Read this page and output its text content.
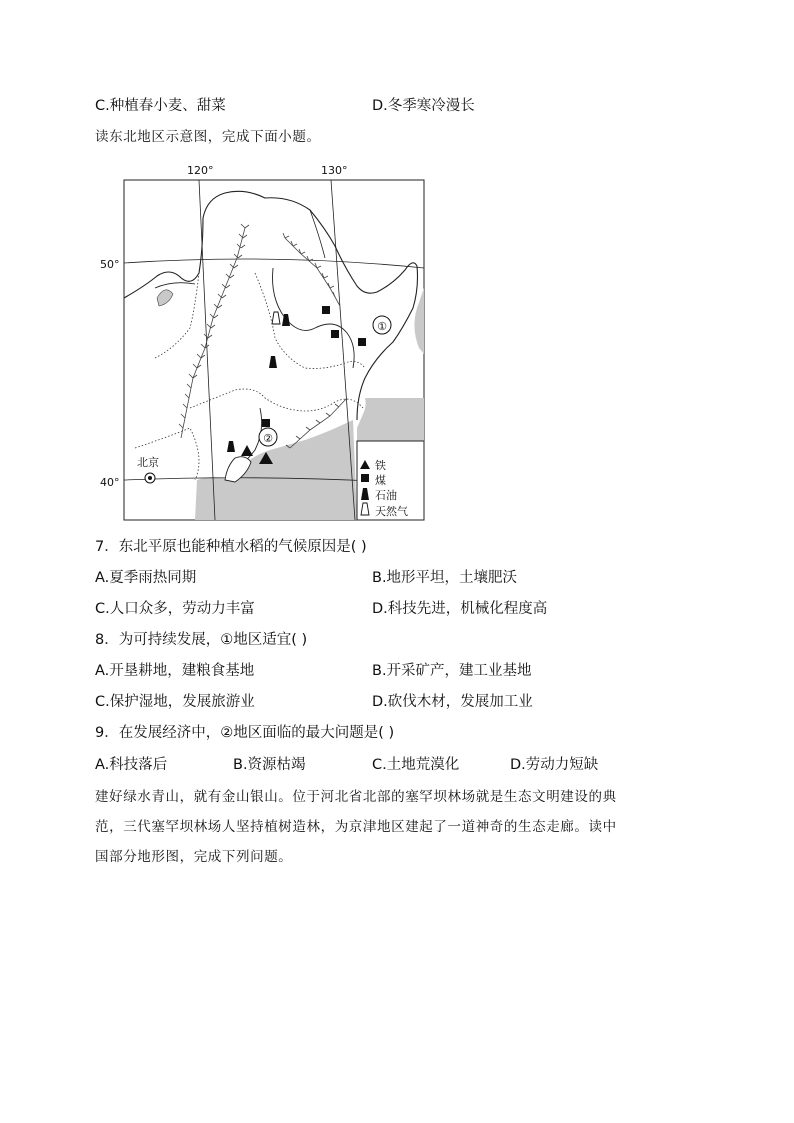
C.种植春小麦、甜菜	D.冬季寒冷漫长
读东北地区示意图，完成下面小题。
120°	130°
50°
40°
①
②
北京	铁
煤
石油
天然气
7．东北平原也能种植水稻的气候原因是( )
A.夏季雨热同期	B.地形平坦，土壤肥沃
C.人口众多，劳动力丰富	D.科技先进，机械化程度高
8．为可持续发展，①地区适宜( )
A.开垦耕地，建粮食基地	B.开采矿产，建工业基地
C.保护湿地，发展旅游业	D.砍伐木材，发展加工业
9．在发展经济中，②地区面临的最大问题是( )
A.科技落后	B.资源枯竭	C.土地荒漠化	D.劳动力短缺
建好绿水青山，就有金山银山。位于河北省北部的塞罕坝林场就是生态文明建设的典
范，三代塞罕坝林场人坚持植树造林，为京津地区建起了一道神奇的生态走廊。读中
国部分地形图，完成下列问题。
